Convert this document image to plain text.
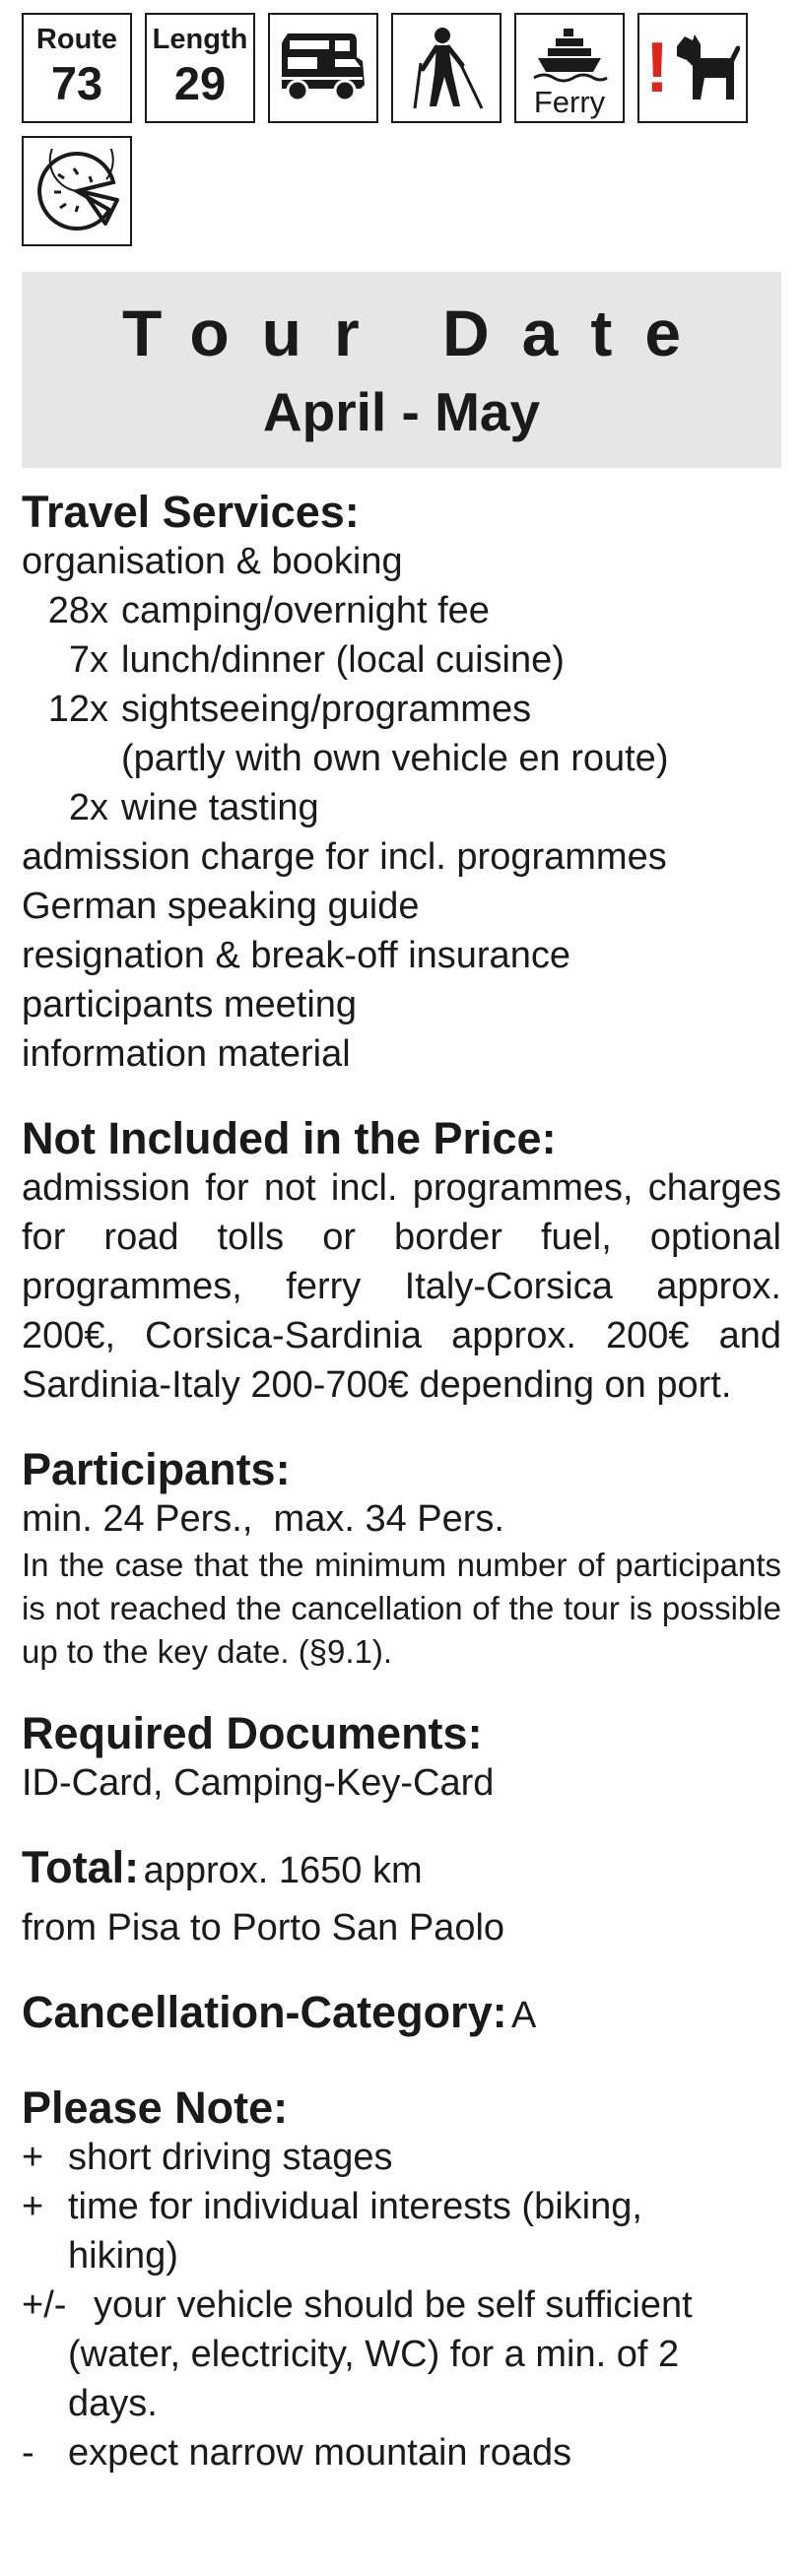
Route
73
Length
29	Ferry !
Tour Date
April - May
Travel Services:
organisation & booking
28x camping/overnight fee
7x lunch/dinner (local cuisine)
12x sightseeing/programmes
(partly with own vehicle en route)
2x wine tasting
admission charge for incl. programmes
German speaking guide
resignation & break-off insurance
participants meeting
information material
Not Included in the Price:
admission for not incl. programmes, charges for road tolls or border fuel, optional programmes, ferry Italy-Corsica approx. 200€, Corsica-Sardinia approx. 200€ and Sardinia-Italy 200-700€ depending on port.
Participants:
min. 24 Pers.,  max. 34 Pers.
In the case that the minimum number of participants is not reached the cancellation of the tour is possible up to the key date. (§9.1).
Required Documents:
ID-Card, Camping-Key-Card
Total: approx. 1650 km
from Pisa to Porto San Paolo
Cancellation-Category: A
Please Note:
+ short driving stages
+ time for individual interests (biking,
hiking)
+/- your vehicle should be self sufficient
(water, electricity, WC) for a min. of 2
days.
- expect narrow mountain roads
